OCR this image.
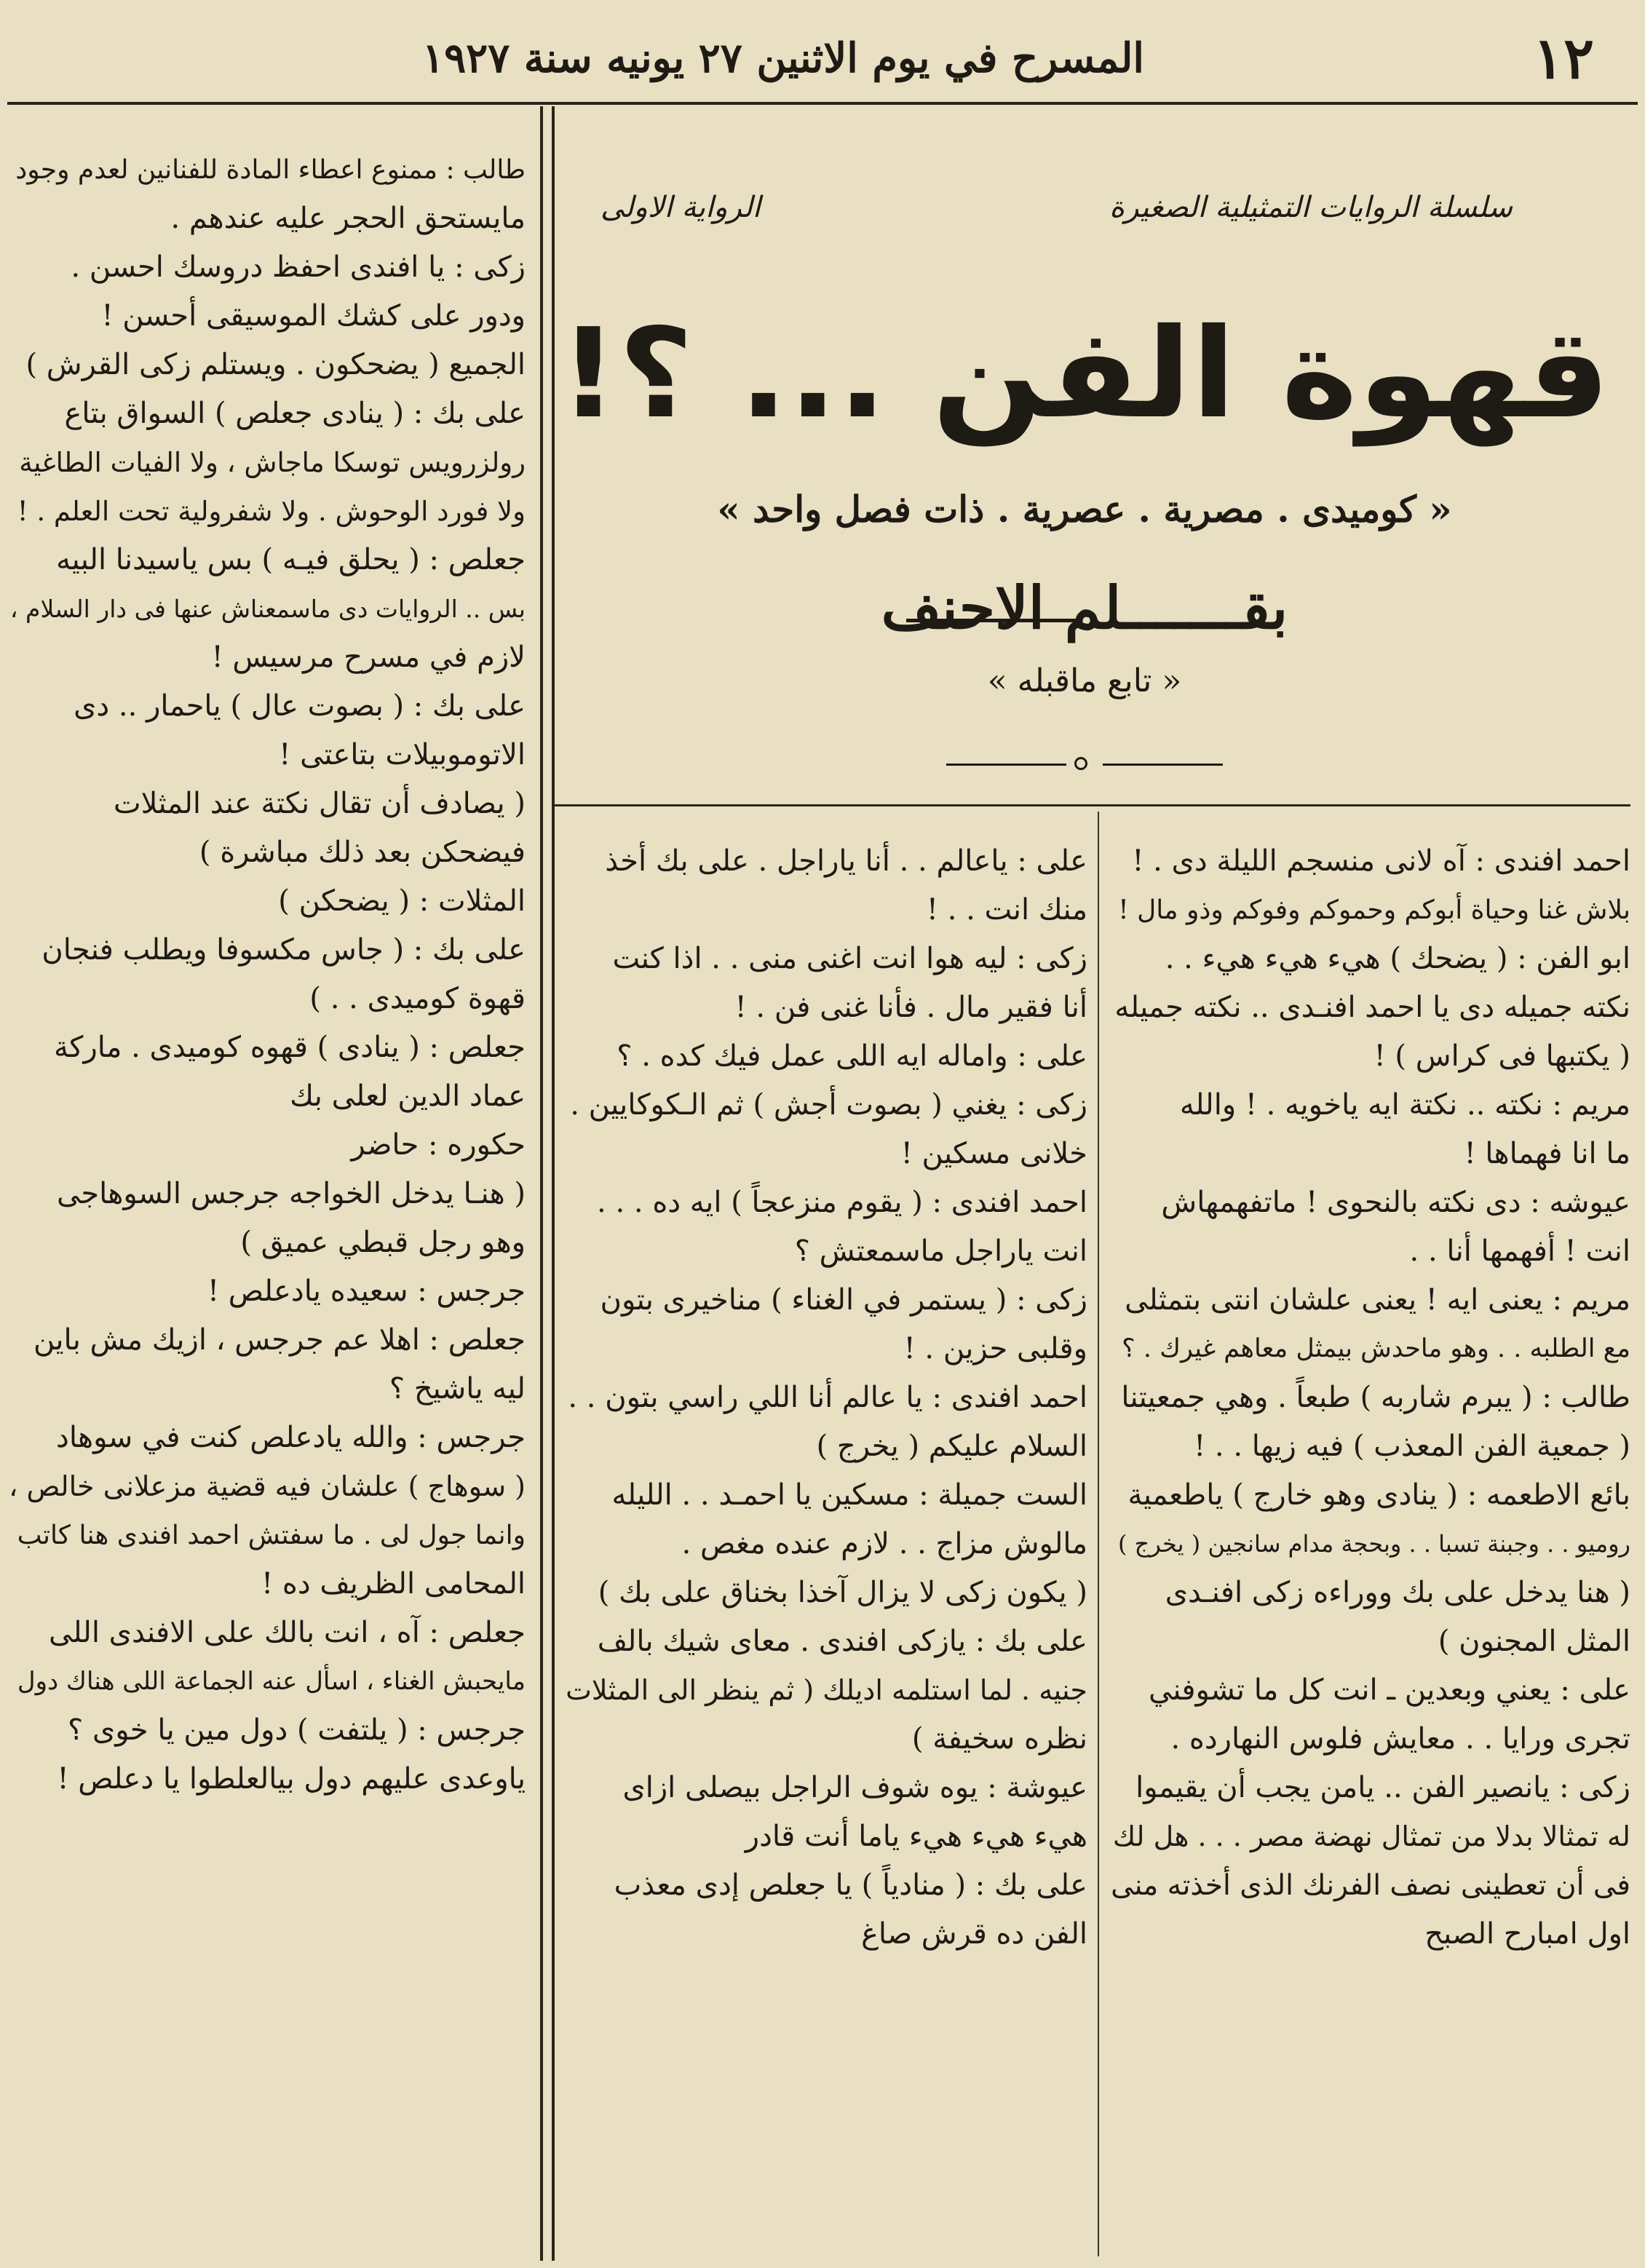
١٢
المسرح في يوم الاثنين ٢٧ يونيه سنة ١٩٢٧
طالب : ممنوع اعطاء المادة للفنانين لعدم وجود
مايستحق الحجر عليه عندهم .
زكى : يا افندى احفظ دروسك احسن .
ودور على كشك الموسيقى أحسن !
الجميع ( يضحكون . ويستلم زكى القرش )
على بك : ( ينادى جعلص ) السواق بتاع
رولزرويس توسكا ماجاش ، ولا الفيات الطاغية
ولا فورد الوحوش . ولا شفرولية تحت العلم . !
جعلص : ( يحلق فيـه ) بس ياسيدنا البيه
بس .. الروايات دى ماسمعناش عنها فى دار السلام ،
لازم في مسرح مرسيس !
على بك : ( بصوت عال ) ياحمار .. دى
الاتوموبيلات بتاعتى !
( يصادف أن تقال نكتة عند المثلات
فيضحكن بعد ذلك مباشرة )
المثلات : ( يضحكن )
على بك : ( جاس مكسوفا ويطلب فنجان
قهوة كوميدى . . )
جعلص : ( ينادى ) قهوه كوميدى . ماركة
عماد الدين لعلى بك
حكوره : حاضر
( هنـا يدخل الخواجه جرجس السوهاجى
وهو رجل قبطي عميق )
جرجس : سعيده يادعلص !
جعلص : اهلا عم جرجس ، ازيك مش باين
ليه ياشيخ ؟
جرجس : والله يادعلص كنت في سوهاد
( سوهاج ) علشان فيه قضية مزعلانى خالص ،
وانما جول لى . ما سفتش احمد افندى هنا كاتب
المحامى الظريف ده !
جعلص : آه ، انت بالك على الافندى اللى
مايحبش الغناء ، اسأل عنه الجماعة اللى هناك دول
جرجس : ( يلتفت ) دول مين يا خوى ؟
ياوعدى عليهم دول بيالعلطوا يا دعلص !
سلسلة الروايات التمثيلية الصغيرة
الرواية الاولى
قهوة الفن ... ؟!
« كوميدى . مصرية . عصرية . ذات فصل واحد »
بقـــــــلم الاحنف
« تابع ماقبله »
على : ياعالم . . أنا ياراجل . على بك أخذ
منك انت . . !
زكى : ليه هوا انت اغنى منى . . اذا كنت
أنا فقير مال . فأنا غنى فن . !
على : واماله ايه اللى عمل فيك كده . ؟
زكى : يغني ( بصوت أجش ) ثم الـكوكايين .
خلانى مسكين !
احمد افندى : ( يقوم منزعجاً ) ايه ده . . .
انت ياراجل ماسمعتش ؟
زكى : ( يستمر في الغناء ) مناخيرى بتون
وقلبى حزين . !
احمد افندى : يا عالم أنا اللي راسي بتون . .
السلام عليكم ( يخرج )
الست جميلة : مسكين يا احمـد . . الليله
مالوش مزاج . . لازم عنده مغص .
( يكون زكى لا يزال آخذا بخناق على بك )
على بك : يازكى افندى . معاى شيك بالف
جنيه . لما استلمه اديلك ( ثم ينظر الى المثلات
نظره سخيفة )
عيوشة : يوه شوف الراجل بيصلى ازاى
هيء هيء هيء ياما أنت قادر
على بك : ( منادياً ) يا جعلص إدى معذب
الفن ده قرش صاغ
احمد افندى : آه لانى منسجم الليلة دى . !
بلاش غنا وحياة أبوكم وحموكم وفوكم وذو مال !
ابو الفن : ( يضحك ) هيء هيء هيء . .
نكته جميله دى يا احمد افنـدى .. نكته جميله
( يكتبها فى كراس ) !
مريم : نكته .. نكتة ايه ياخويه . ! والله
ما انا فهماها !
عيوشه : دى نكته بالنحوى ! ماتفهمهاش
انت ! أفهمها أنا . .
مريم : يعنى ايه ! يعنى علشان انتى بتمثلى
مع الطلبه . . وهو ماحدش بيمثل معاهم غيرك . ؟
طالب : ( يبرم شاربه ) طبعاً . وهي جمعيتنا
( جمعية الفن المعذب ) فيه زيها . . !
بائع الاطعمه : ( ينادى وهو خارج ) ياطعمية
روميو . . وجبنة تسبا . . وبحجة مدام سانجين ( يخرج )
( هنا يدخل على بك ووراءه زكى افنـدى
المثل المجنون )
على : يعني وبعدين ـ انت كل ما تشوفني
تجرى ورايا . . معايش فلوس النهارده .
زكى : يانصير الفن .. يامن يجب أن يقيموا
له تمثالا بدلا من تمثال نهضة مصر . . . هل لك
فى أن تعطينى نصف الفرنك الذى أخذته منى
اول امبارح الصبح
